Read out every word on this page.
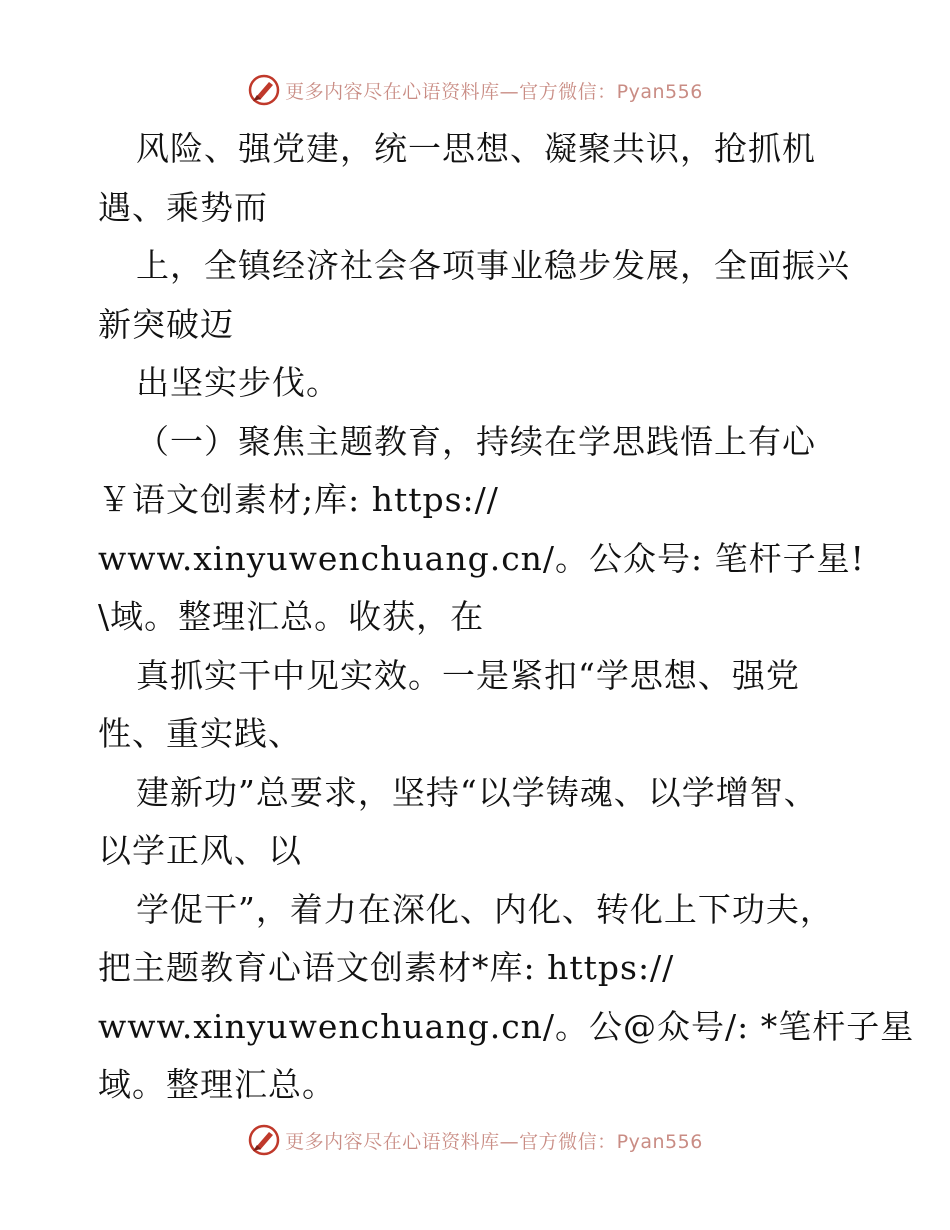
更多内容尽在心语资料库—官方微信：Pyan556
风险、强党建，统一思想、凝聚共识，抢抓机
遇、乘势而
上，全镇经济社会各项事业稳步发展，全面振兴
新突破迈
出坚实步伐。
（一）聚焦主题教育，持续在学思践悟上有心
￥语文创素材;库: https://
www.xinyuwenchuang.cn/。公众号: 笔杆子星!
\域。整理汇总。收获，在
真抓实干中见实效。一是紧扣“学思想、强党
性、重实践、
建新功”总要求，坚持“以学铸魂、以学增智、
以学正风、以
学促干”，着力在深化、内化、转化上下功夫，
把主题教育心语文创素材*库: https://
www.xinyuwenchuang.cn/。公@众号/: *笔杆子星
域。整理汇总。
更多内容尽在心语资料库—官方微信：Pyan556
